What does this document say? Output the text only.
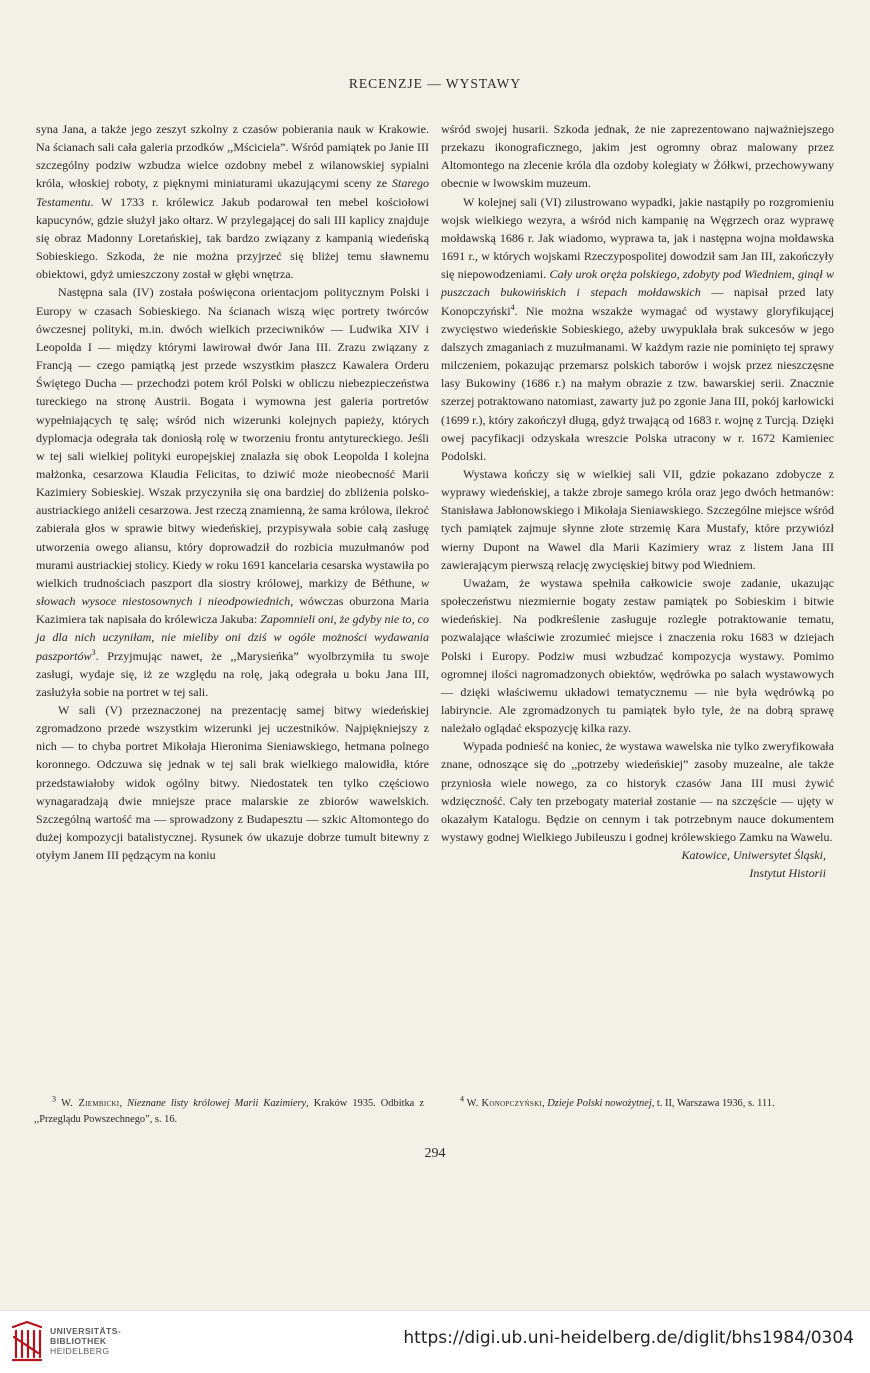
RECENZJE — WYSTAWY

syna Jana, a także jego zeszyt szkolny z czasów pobierania nauk w Krakowie. Na ścianach sali cała galeria przodków ,,Mściciela”. Wśród pamiątek po Janie III szczególny podziw wzbudza wielce ozdobny mebel z wilanowskiej sypialni króla, włoskiej roboty, z pięknymi miniaturami ukazującymi sceny ze Starego Testamentu. W 1733 r. królewicz Jakub podarował ten mebel kościołowi kapucynów, gdzie służył jako ołtarz. W przylegającej do sali III kaplicy znajduje się obraz Madonny Loretańskiej, tak bardzo związany z kampanią wiedeńską Sobieskiego. Szkoda, że nie można przyjrzeć się bliżej temu sławnemu obiektowi, gdyż umieszczony został w głębi wnętrza.

Następna sala (IV) została poświęcona orientacjom politycznym Polski i Europy w czasach Sobieskiego. Na ścianach wiszą więc portrety twórców ówczesnej polityki, m.in. dwóch wielkich przeciwników — Ludwika XIV i Leopolda I — między którymi lawirował dwór Jana III. Zrazu związany z Francją — czego pamiątką jest przede wszystkim płaszcz Kawalera Orderu Świętego Ducha — przechodzi potem król Polski w obliczu niebezpieczeństwa tureckiego na stronę Austrii. Bogata i wymowna jest galeria portretów wypełniających tę salę; wśród nich wizerunki kolejnych papieży, których dyplomacja odegrała tak doniosłą rolę w tworzeniu frontu antytureckiego. Jeśli w tej sali wielkiej polityki europejskiej znalazła się obok Leopolda I kolejna małżonka, cesarzowa Klaudia Felicitas, to dziwić może nieobecność Marii Kazimiery Sobieskiej. Wszak przyczyniła się ona bardziej do zbliżenia polsko-austriackiego aniżeli cesarzowa. Jest rzeczą znamienną, że sama królowa, ilekroć zabierała głos w sprawie bitwy wiedeńskiej, przypisywała sobie całą zasługę utworzenia owego aliansu, który doprowadził do rozbicia muzułmanów pod murami austriackiej stolicy. Kiedy w roku 1691 kancelaria cesarska wystawiła po wielkich trudnościach paszport dla siostry królowej, markizy de Béthune, w słowach wysoce niestosownych i nieodpowiednich, wówczas oburzona Maria Kazimiera tak napisała do królewicza Jakuba: Zapomnieli oni, że gdyby nie to, co ja dla nich uczyniłam, nie mieliby oni dziś w ogóle możności wydawania paszportów$^3$. Przyjmując nawet, że ,,Marysieńka” wyolbrzymiła tu swoje zasługi, wydaje się, iż ze względu na rolę, jaką odegrała u boku Jana III, zasłużyła sobie na portret w tej sali.

W sali (V) przeznaczonej na prezentację samej bitwy wiedeńskiej zgromadzono przede wszystkim wizerunki jej uczestników. Najpiękniejszy z nich — to chyba portret Mikołaja Hieronima Sieniawskiego, hetmana polnego koronnego. Odczuwa się jednak w tej sali brak wielkiego malowidła, które przedstawiałoby widok ogólny bitwy. Niedostatek ten tylko częściowo wynagaradzają dwie mniejsze prace malarskie ze zbiorów wawelskich. Szczególną wartość ma — sprowadzony z Budapesztu — szkic Altomontego do dużej kompozycji batalistycznej. Rysunek ów ukazuje dobrze tumult bitewny z otyłym Janem III pędzącym na koniu

wśród swojej husarii. Szkoda jednak, że nie zaprezentowano najważniejszego przekazu ikonograficznego, jakim jest ogromny obraz malowany przez Altomontego na zlecenie króla dla ozdoby kolegiaty w Żółkwi, przechowywany obecnie w lwowskim muzeum.

W kolejnej sali (VI) zilustrowano wypadki, jakie nastąpiły po rozgromieniu wojsk wielkiego wezyra, a wśród nich kampanię na Węgrzech oraz wyprawę mołdawską 1686 r. Jak wiadomo, wyprawa ta, jak i następna wojna mołdawska 1691 r., w których wojskami Rzeczypospolitej dowodził sam Jan III, zakończyły się niepowodzeniami. Cały urok oręża polskiego, zdobyty pod Wiedniem, ginął w puszczach bukowińskich i stepach mołdawskich — napisał przed laty Konopczyński$^4$. Nie można wszakże wymagać od wystawy gloryfikującej zwycięstwo wiedeńskie Sobieskiego, ażeby uwypuklała brak sukcesów w jego dalszych zmaganiach z muzułmanami. W każdym razie nie pominięto tej sprawy milczeniem, pokazując przemarsz polskich taborów i wojsk przez nieszczęsne lasy Bukowiny (1686 r.) na małym obrazie z tzw. bawarskiej serii. Znacznie szerzej potraktowano natomiast, zawarty już po zgonie Jana III, pokój karłowicki (1699 r.), który zakończył długą, gdyż trwającą od 1683 r. wojnę z Turcją. Dzięki owej pacyfikacji odzyskała wreszcie Polska utracony w r. 1672 Kamieniec Podolski.

Wystawa kończy się w wielkiej sali VII, gdzie pokazano zdobycze z wyprawy wiedeńskiej, a także zbroje samego króla oraz jego dwóch hetmanów: Stanisława Jabłonowskiego i Mikołaja Sieniawskiego. Szczególne miejsce wśród tych pamiątek zajmuje słynne złote strzemię Kara Mustafy, które przywiózł wierny Dupont na Wawel dla Marii Kazimiery wraz z listem Jana III zawierającym pierwszą relację zwycięskiej bitwy pod Wiedniem.

Uważam, że wystawa spełniła całkowicie swoje zadanie, ukazując społeczeństwu niezmiernie bogaty zestaw pamiątek po Sobieskim i bitwie wiedeńskiej. Na podkreślenie zasługuje rozległe potraktowanie tematu, pozwalające właściwie zrozumieć miejsce i znaczenia roku 1683 w dziejach Polski i Europy. Podziw musi wzbudzać kompozycja wystawy. Pomimo ogromnej ilości nagromadzonych obiektów, wędrówka po salach wystawowych — dzięki właściwemu układowi tematycznemu — nie była wędrówką po labiryncie. Ale zgromadzonych tu pamiątek było tyle, że na dobrą sprawę należało oglądać ekspozycję kilka razy.

Wypada podnieść na koniec, że wystawa wawelska nie tylko zweryfikowała znane, odnoszące się do ,,potrzeby wiedeńskiej” zasoby muzealne, ale także przyniosła wiele nowego, za co historyk czasów Jana III musi żywić wdzięczność. Cały ten przebogaty materiał zostanie — na szczęście — ujęty w okazałym Katalogu. Będzie on cennym i tak potrzebnym nauce dokumentem wystawy godnej Wielkiego Jubileuszu i godnej królewskiego Zamku na Wawelu.

Katowice, Uniwersytet Śląski,

Instytut Historii

$^3$ W. Ziembicki, Nieznane listy królowej Marii Kazimiery, Kraków 1935. Odbitka z ,,Przeglądu Powszechnego”, s. 16.

$^4$ W. Konopczyński, Dzieje Polski nowożytnej, t. II, Warszawa 1936, s. 111.

294
UNIVERSITÄTS-
BIBLIOTHEK
HEIDELBERG
https://digi.ub.uni-heidelberg.de/diglit/bhs1984/0304
